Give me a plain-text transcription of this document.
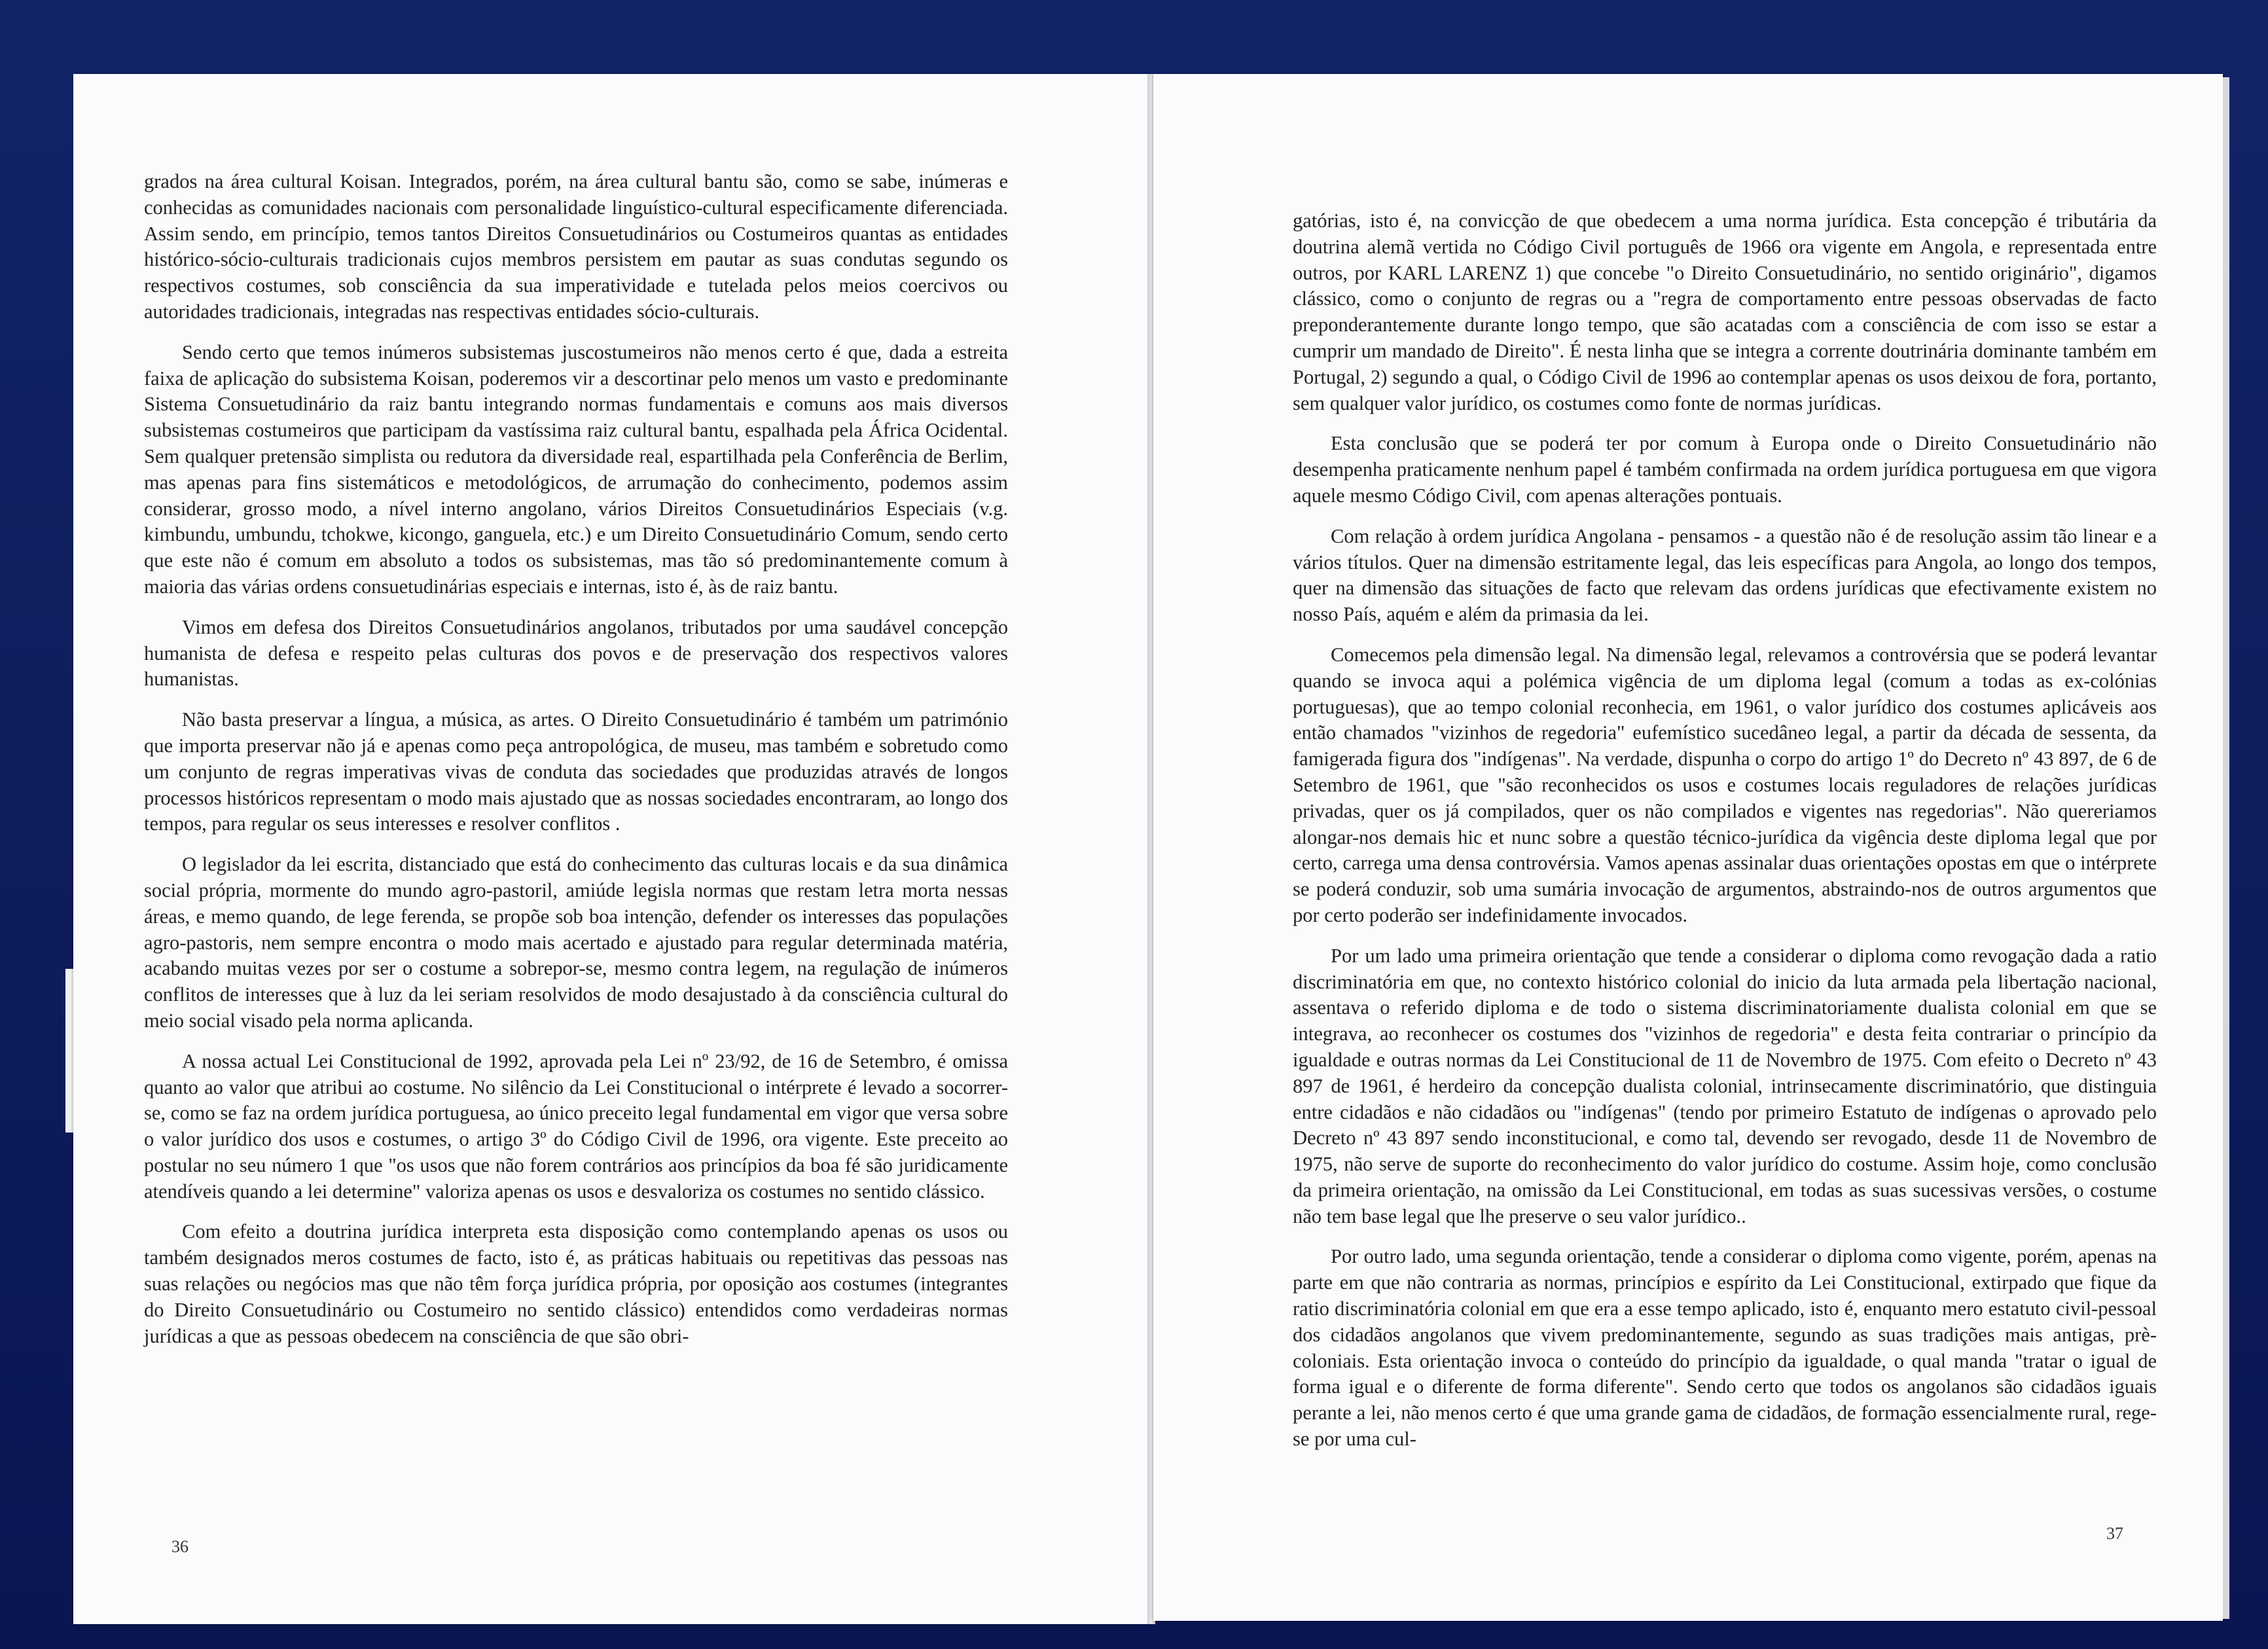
grados na área cultural Koisan. Integrados, porém, na área cultural bantu são, como se sabe, inúmeras e conhecidas as comunidades nacionais com personalidade linguístico-cultural especificamente diferenciada. Assim sendo, em princípio, temos tantos Direitos Consuetudinários ou Costumeiros quantas as entidades histórico-sócio-culturais tradicionais cujos membros persistem em pautar as suas condutas segundo os respectivos costumes, sob consciência da sua imperatividade e tutelada pelos meios coercivos ou autoridades tradicionais, integradas nas respectivas entidades sócio-culturais.

Sendo certo que temos inúmeros subsistemas juscostumeiros não menos certo é que, dada a estreita faixa de aplicação do subsistema Koisan, poderemos vir a descortinar pelo menos um vasto e predominante Sistema Consuetudinário da raiz bantu integrando normas fundamentais e comuns aos mais diversos subsistemas costumeiros que participam da vastíssima raiz cultural bantu, espalhada pela África Ocidental. Sem qualquer pretensão simplista ou redutora da diversidade real, espartilhada pela Conferência de Berlim, mas apenas para fins sistemáticos e metodológicos, de arrumação do conhecimento, podemos assim considerar, grosso modo, a nível interno angolano, vários Direitos Consuetudinários Especiais (v.g. kimbundu, umbundu, tchokwe, kicongo, ganguela, etc.) e um Direito Consuetudinário Comum, sendo certo que este não é comum em absoluto a todos os subsistemas, mas tão só predominantemente comum à maioria das várias ordens consuetudinárias especiais e internas, isto é, às de raiz bantu.

Vimos em defesa dos Direitos Consuetudinários angolanos, tributados por uma saudável concepção humanista de defesa e respeito pelas culturas dos povos e de preservação dos respectivos valores humanistas.

Não basta preservar a língua, a música, as artes. O Direito Consuetudinário é também um património que importa preservar não já e apenas como peça antropológica, de museu, mas também e sobretudo como um conjunto de regras imperativas vivas de conduta das sociedades que produzidas através de longos processos históricos representam o modo mais ajustado que as nossas sociedades encontraram, ao longo dos tempos, para regular os seus interesses e resolver conflitos .

O legislador da lei escrita, distanciado que está do conhecimento das culturas locais e da sua dinâmica social própria, mormente do mundo agro-pastoril, amiúde legisla normas que restam letra morta nessas áreas, e memo quando, de lege ferenda, se propõe sob boa intenção, defender os interesses das populações agro-pastoris, nem sempre encontra o modo mais acertado e ajustado para regular determinada matéria, acabando muitas vezes por ser o costume a sobrepor-se, mesmo contra legem, na regulação de inúmeros conflitos de interesses que à luz da lei seriam resolvidos de modo desajustado à da consciência cultural do meio social visado pela norma aplicanda.

A nossa actual Lei Constitucional de 1992, aprovada pela Lei nº 23/92, de 16 de Setembro, é omissa quanto ao valor que atribui ao costume. No silêncio da Lei Constitucional o intérprete é levado a socorrer-se, como se faz na ordem jurídica portuguesa, ao único preceito legal fundamental em vigor que versa sobre o valor jurídico dos usos e costumes, o artigo 3º do Código Civil de 1996, ora vigente. Este preceito ao postular no seu número 1 que "os usos que não forem contrários aos princípios da boa fé são juridicamente atendíveis quando a lei determine" valoriza apenas os usos e desvaloriza os costumes no sentido clássico.

Com efeito a doutrina jurídica interpreta esta disposição como contemplando apenas os usos ou também designados meros costumes de facto, isto é, as práticas habituais ou repetitivas das pessoas nas suas relações ou negócios mas que não têm força jurídica própria, por oposição aos costumes (integrantes do Direito Consuetudinário ou Costumeiro no sentido clássico) entendidos como verdadeiras normas jurídicas a que as pessoas obedecem na consciência de que são obri-

36

gatórias, isto é, na convicção de que obedecem a uma norma jurídica. Esta concepção é tributária da doutrina alemã vertida no Código Civil português de 1966 ora vigente em Angola, e representada entre outros, por KARL LARENZ 1) que concebe "o Direito Consuetudinário, no sentido originário", digamos clássico, como o conjunto de regras ou a "regra de comportamento entre pessoas observadas de facto preponderantemente durante longo tempo, que são acatadas com a consciência de com isso se estar a cumprir um mandado de Direito". É nesta linha que se integra a corrente doutrinária dominante também em Portugal, 2) segundo a qual, o Código Civil de 1996 ao contemplar apenas os usos deixou de fora, portanto, sem qualquer valor jurídico, os costumes como fonte de normas jurídicas.

Esta conclusão que se poderá ter por comum à Europa onde o Direito Consuetudinário não desempenha praticamente nenhum papel é também confirmada na ordem jurídica portuguesa em que vigora aquele mesmo Código Civil, com apenas alterações pontuais.

Com relação à ordem jurídica Angolana - pensamos - a questão não é de resolução assim tão linear e a vários títulos. Quer na dimensão estritamente legal, das leis específicas para Angola, ao longo dos tempos, quer na dimensão das situações de facto que relevam das ordens jurídicas que efectivamente existem no nosso País, aquém e além da primasia da lei.

Comecemos pela dimensão legal. Na dimensão legal, relevamos a controvérsia que se poderá levantar quando se invoca aqui a polémica vigência de um diploma legal (comum a todas as ex-colónias portuguesas), que ao tempo colonial reconhecia, em 1961, o valor jurídico dos costumes aplicáveis aos então chamados "vizinhos de regedoria" eufemístico sucedâneo legal, a partir da década de sessenta, da famigerada figura dos "indígenas". Na verdade, dispunha o corpo do artigo 1º do Decreto nº 43 897, de 6 de Setembro de 1961, que "são reconhecidos os usos e costumes locais reguladores de relações jurídicas privadas, quer os já compilados, quer os não compilados e vigentes nas regedorias". Não quereriamos alongar-nos demais hic et nunc sobre a questão técnico-jurídica da vigência deste diploma legal que por certo, carrega uma densa controvérsia. Vamos apenas assinalar duas orientações opostas em que o intérprete se poderá conduzir, sob uma sumária invocação de argumentos, abstraindo-nos de outros argumentos que por certo poderão ser indefinidamente invocados.

Por um lado uma primeira orientação que tende a considerar o diploma como revogação dada a ratio discriminatória em que, no contexto histórico colonial do inicio da luta armada pela libertação nacional, assentava o referido diploma e de todo o sistema discriminatoriamente dualista colonial em que se integrava, ao reconhecer os costumes dos "vizinhos de regedoria" e desta feita contrariar o princípio da igualdade e outras normas da Lei Constitucional de 11 de Novembro de 1975. Com efeito o Decreto nº 43 897 de 1961, é herdeiro da concepção dualista colonial, intrinsecamente discriminatório, que distinguia entre cidadãos e não cidadãos ou "indígenas" (tendo por primeiro Estatuto de indígenas o aprovado pelo Decreto nº 43 897 sendo inconstitucional, e como tal, devendo ser revogado, desde 11 de Novembro de 1975, não serve de suporte do reconhecimento do valor jurídico do costume. Assim hoje, como conclusão da primeira orientação, na omissão da Lei Constitucional, em todas as suas sucessivas versões, o costume não tem base legal que lhe preserve o seu valor jurídico..

Por outro lado, uma segunda orientação, tende a considerar o diploma como vigente, porém, apenas na parte em que não contraria as normas, princípios e espírito da Lei Constitucional, extirpado que fique da ratio discriminatória colonial em que era a esse tempo aplicado, isto é, enquanto mero estatuto civil-pessoal dos cidadãos angolanos que vivem predominantemente, segundo as suas tradições mais antigas, prè-coloniais. Esta orientação invoca o conteúdo do princípio da igualdade, o qual manda "tratar o igual de forma igual e o diferente de forma diferente". Sendo certo que todos os angolanos são cidadãos iguais perante a lei, não menos certo é que uma grande gama de cidadãos, de formação essencialmente rural, rege-se por uma cul-

37
